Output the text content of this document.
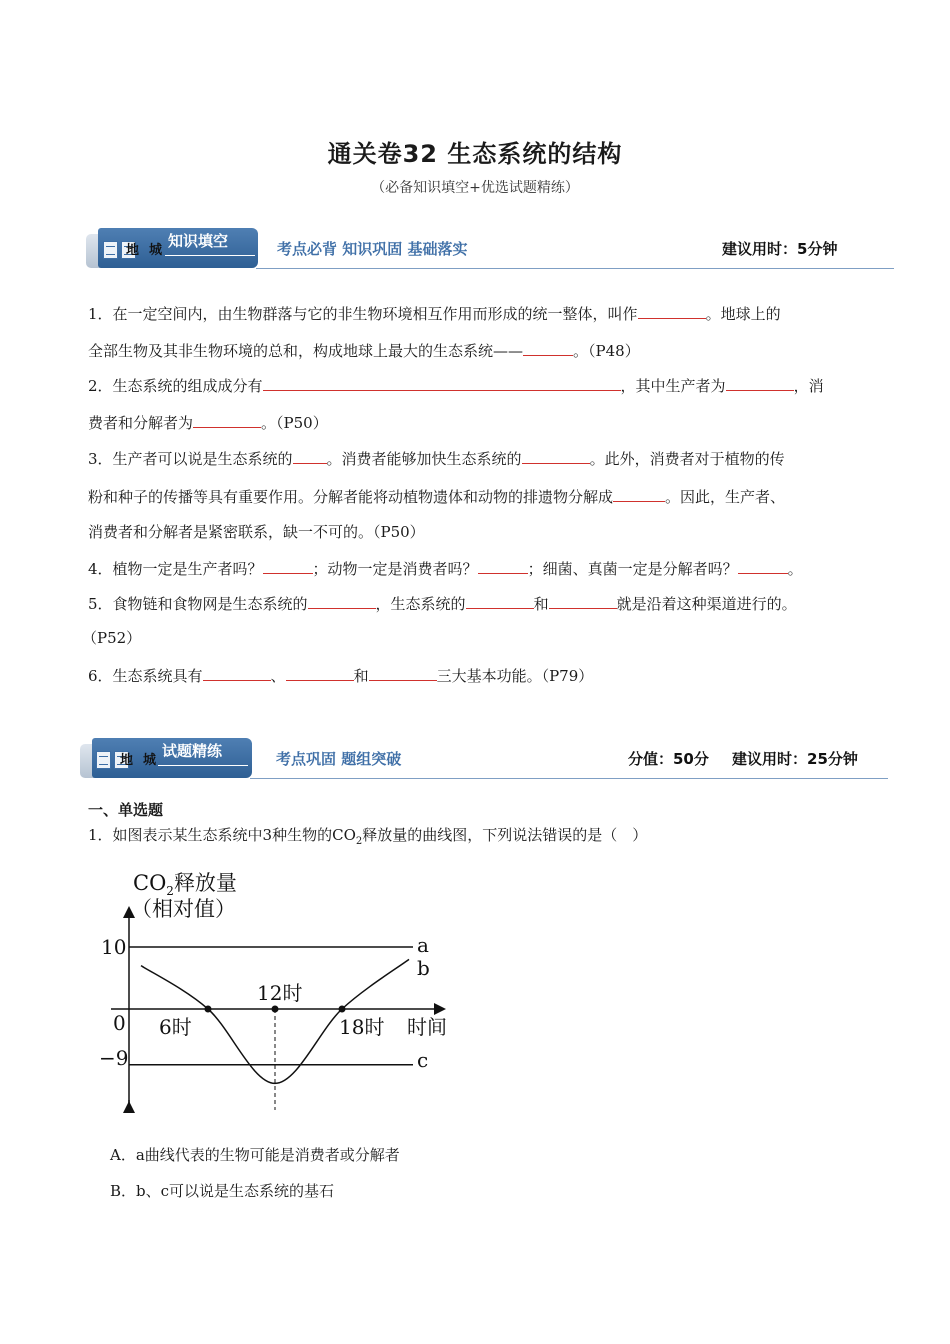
通关卷32 生态系统的结构
（必备知识填空+优选试题精练）
知识填空
地城	考点必背 知识巩固 基础落实	建议用时：5分钟
1．在一定空间内，由生物群落与它的非生物环境相互作用而形成的统一整体，叫作	。地球上的
全部生物及其非生物环境的总和，构成地球上最大的生态系统——	。（P48）
2．生态系统的组成成分有	，其中生产者为	，消
费者和分解者为	。（P50）
3．生产者可以说是生态系统的 。消费者能够加快生态系统的	。此外，消费者对于植物的传
粉和种子的传播等具有重要作用。分解者能将动植物遗体和动物的排遗物分解成	。因此，生产者、
消费者和分解者是紧密联系，缺一不可的。（P50）
4．植物一定是生产者吗？	；动物一定是消费者吗？	；细菌、真菌一定是分解者吗？	。
5．食物链和食物网是生态系统的	，生态系统的	和	就是沿着这种渠道进行的。
（P52）
6．生态系统具有	、	和	三大基本功能。（P79）
试题精练
地城	考点巩固 题组突破	分值：50分 建议用时：25分钟
一、单选题
1．如图表示某生态系统中3种生物的$CO_2$释放量的曲线图，下列说法错误的是（　）
$CO_2$释放量
（相对值）
10
0
−9
a
b
c
6时
12时
18时 时间
A．a曲线代表的生物可能是消费者或分解者
B．b、c可以说是生态系统的基石
